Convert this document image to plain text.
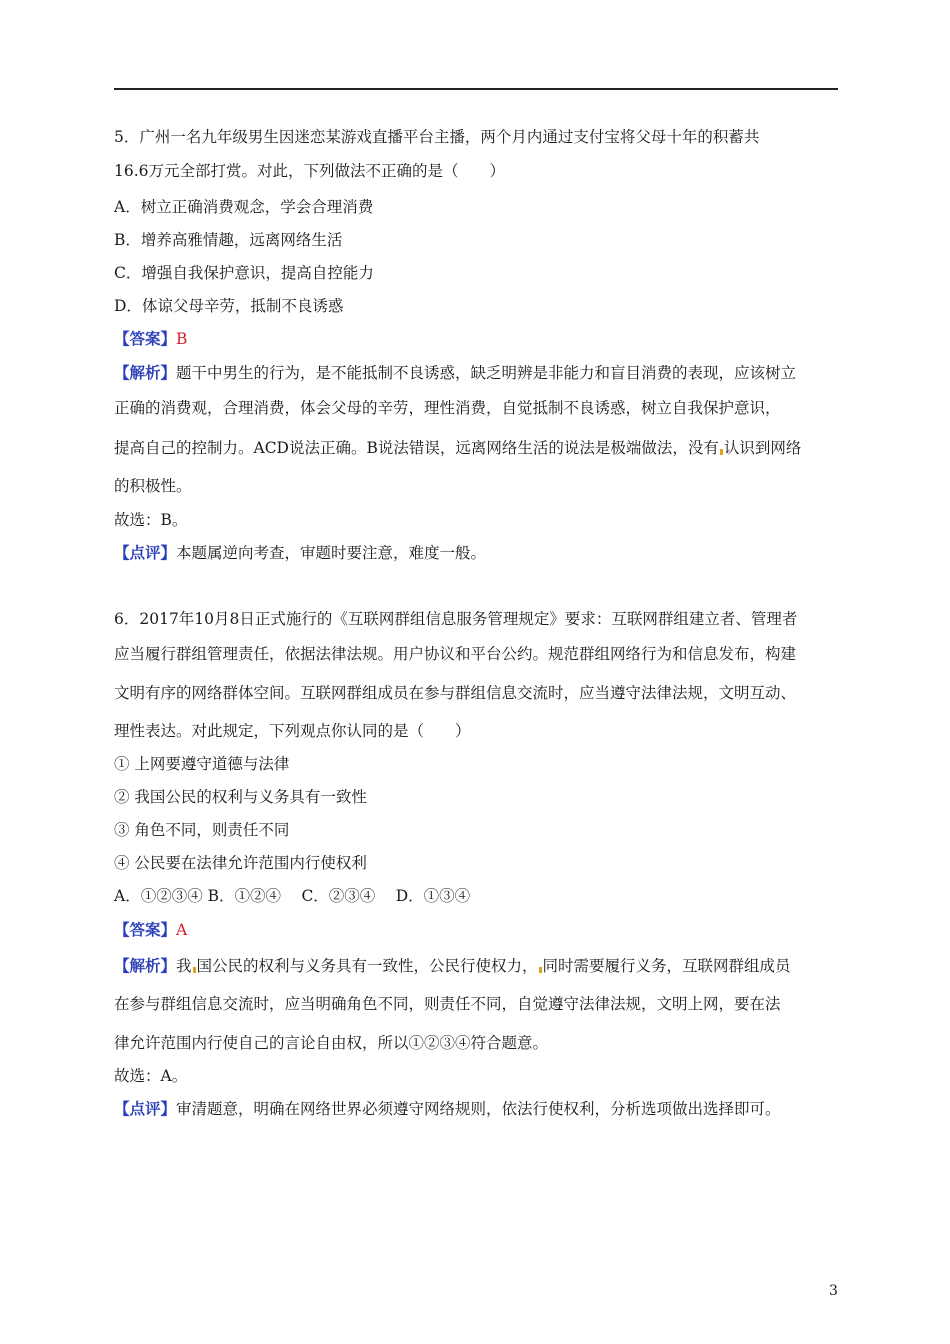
5．广州一名九年级男生因迷恋某游戏直播平台主播，两个月内通过支付宝将父母十年的积蓄共
16.6万元全部打赏。对此，下列做法不正确的是（　　）
A．树立正确消费观念，学会合理消费
B．增养高雅情趣，远离网络生活
C．增强自我保护意识，提高自控能力
D．体谅父母辛劳，抵制不良诱惑
【答案】B
【解析】题干中男生的行为，是不能抵制不良诱惑，缺乏明辨是非能力和盲目消费的表现，应该树立
正确的消费观，合理消费，体会父母的辛劳，理性消费，自觉抵制不良诱惑，树立自我保护意识，
提高自己的控制力。ACD说法正确。B说法错误，远离网络生活的说法是极端做法，没有 认识到网络
的积极性。
故选：B。
【点评】本题属逆向考查，审题时要注意，难度一般。
6．2017年10月8日正式施行的《互联网群组信息服务管理规定》要求：互联网群组建立者、管理者
应当履行群组管理责任，依据法律法规。用户协议和平台公约。规范群组网络行为和信息发布，构建
文明有序的网络群体空间。互联网群组成员在参与群组信息交流时，应当遵守法律法规，文明互动、
理性表达。对此规定，下列观点你认同的是（　　）
① 上网要遵守道德与法律
② 我国公民的权利与义务具有一致性
③ 角色不同，则责任不同
④ 公民要在法律允许范围内行使权利
A．①②③④ B．①②④　 C．②③④　 D．①③④
【答案】A
【解析】我 国公民的权利与义务具有一致性，公民行使权力， 同时需要履行义务，互联网群组成员
在参与群组信息交流时，应当明确角色不同，则责任不同，自觉遵守法律法规，文明上网，要在法
律允许范围内行使自己的言论自由权，所以①②③④符合题意。
故选：A。
【点评】审清题意，明确在网络世界必须遵守网络规则，依法行使权利，分析选项做出选择即可。
3
